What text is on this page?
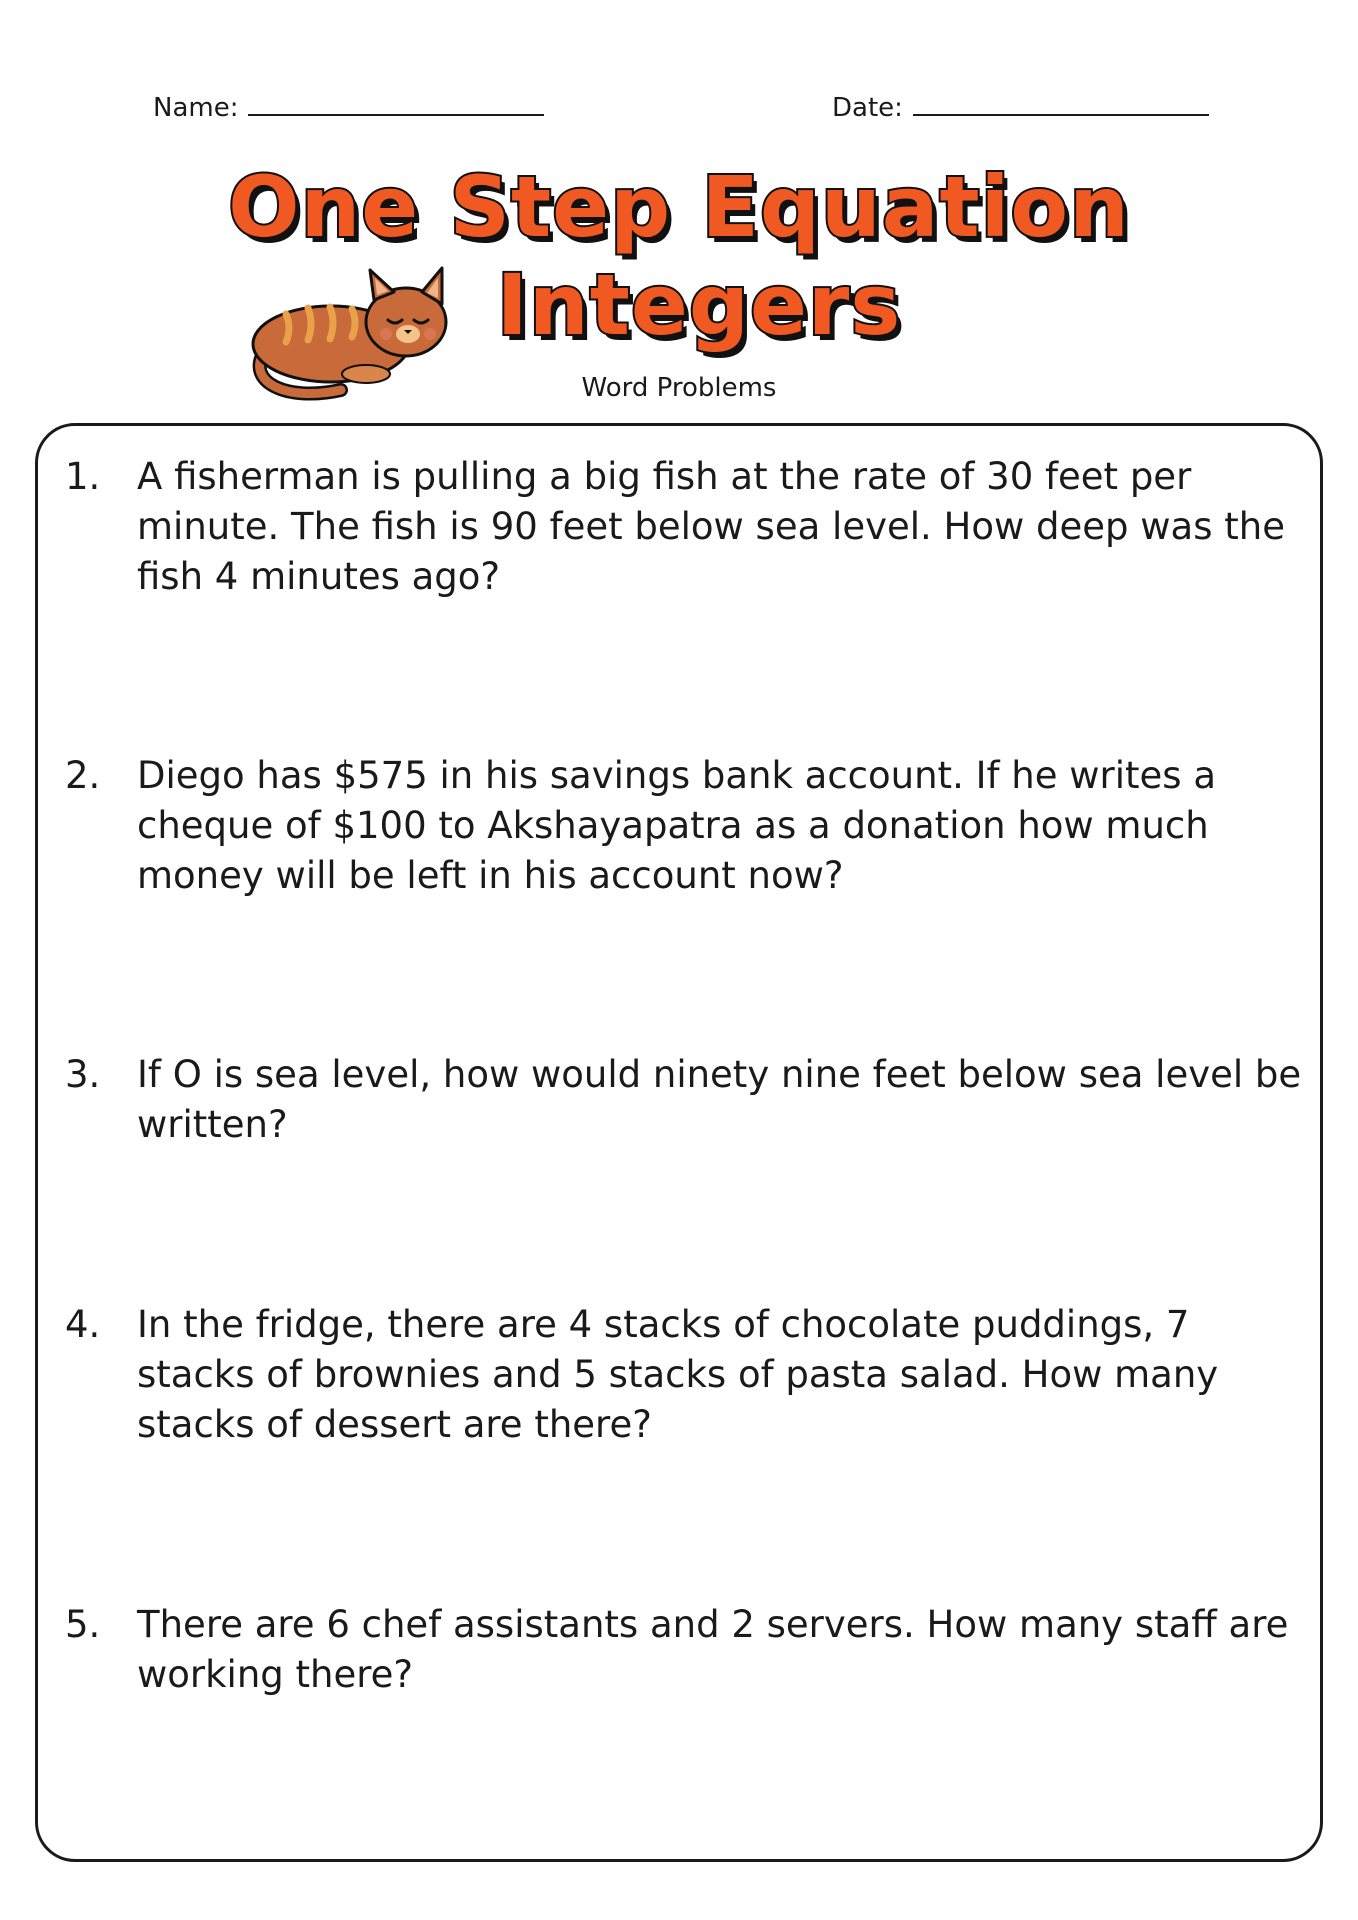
Name:	Date:
One Step Equation
Integers
Word Problems
1. A fisherman is pulling a big fish at the rate of 30 feet per minute. The fish is 90 feet below sea level. How deep was the fish 4 minutes ago?
2. Diego has $575 in his savings bank account. If he writes a cheque of $100 to Akshayapatra as a donation how much money will be left in his account now?
3. If O is sea level, how would ninety nine feet below sea level be written?
4. In the fridge, there are 4 stacks of chocolate puddings, 7 stacks of brownies and 5 stacks of pasta salad. How many stacks of dessert are there?
5. There are 6 chef assistants and 2 servers. How many staff are working there?
